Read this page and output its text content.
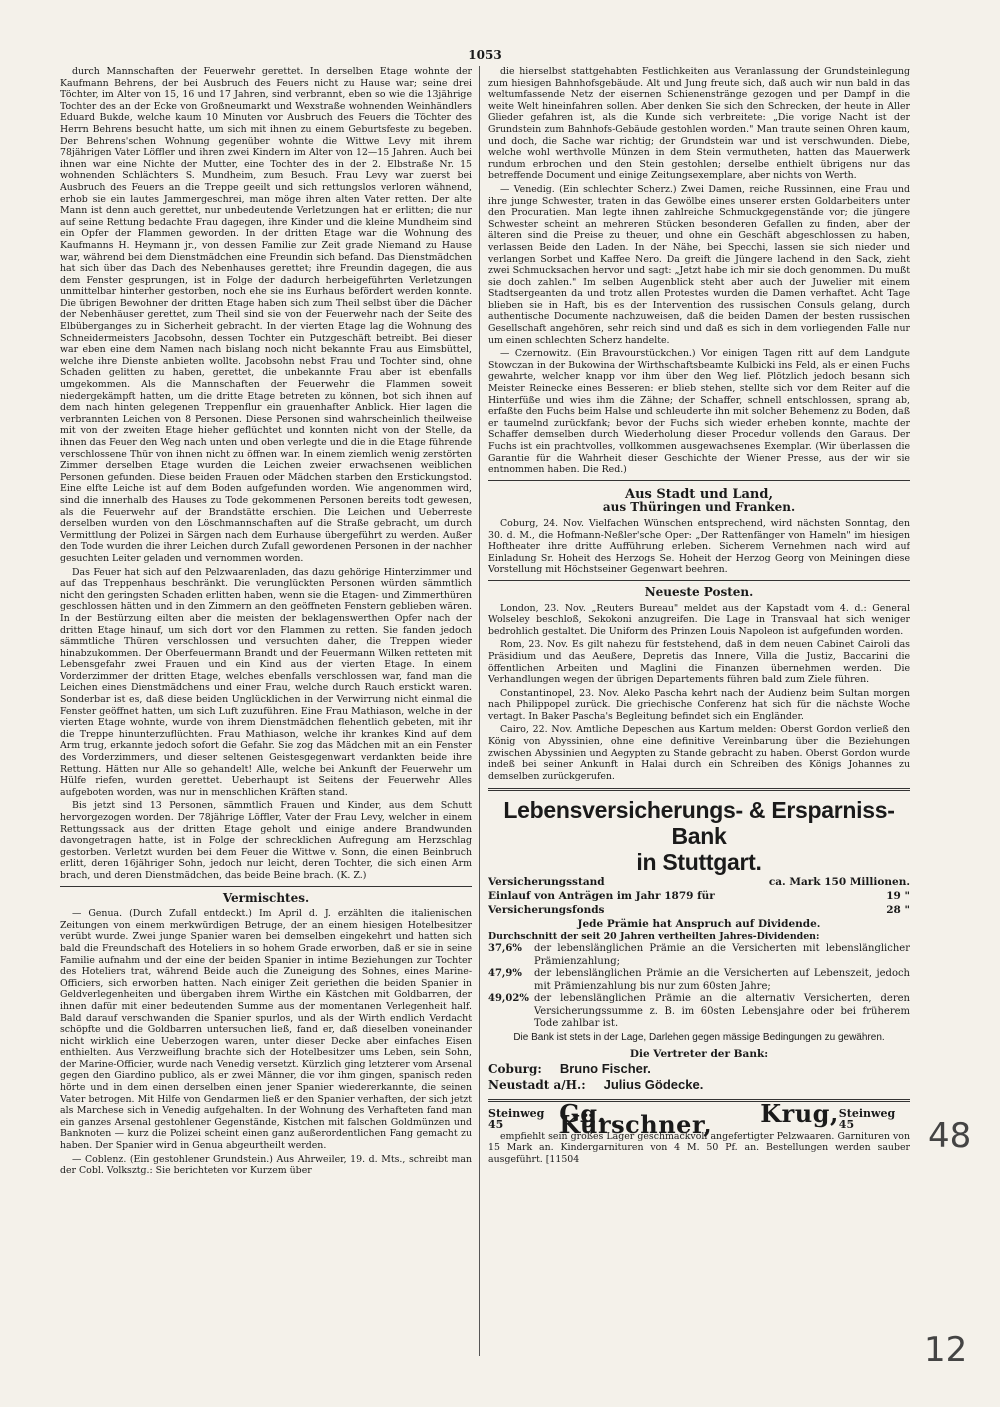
1053

durch Mannschaften der Feuerwehr gerettet. In derselben Etage wohnte der Kaufmann Behrens, der bei Ausbruch des Feuers nicht zu Hause war; seine drei Töchter, im Alter von 15, 16 und 17 Jahren, sind verbrannt, eben so wie die 13jährige Tochter des an der Ecke von Großneumarkt und Wexstraße wohnenden Weinhändlers Eduard Bukde, welche kaum 10 Minuten vor Ausbruch des Feuers die Töchter des Herrn Behrens besucht hatte, um sich mit ihnen zu einem Geburtsfeste zu begeben. Der Behrens'schen Wohnung gegenüber wohnte die Wittwe Levy mit ihrem 78jährigen Vater Löffler und ihren zwei Kindern im Alter von 12—15 Jahren. Auch bei ihnen war eine Nichte der Mutter, eine Tochter des in der 2. Elbstraße Nr. 15 wohnenden Schlächters S. Mundheim, zum Besuch. Frau Levy war zuerst bei Ausbruch des Feuers an die Treppe geeilt und sich rettungslos verloren wähnend, erhob sie ein lautes Jammergeschrei, man möge ihren alten Vater retten. Der alte Mann ist denn auch gerettet, nur unbedeutende Verletzungen hat er erlitten; die nur auf seine Rettung bedachte Frau dagegen, ihre Kinder und die kleine Mundheim sind ein Opfer der Flammen geworden. In der dritten Etage war die Wohnung des Kaufmanns H. Heymann jr., von dessen Familie zur Zeit grade Niemand zu Hause war, während bei dem Dienstmädchen eine Freundin sich befand. Das Dienstmädchen hat sich über das Dach des Nebenhauses gerettet; ihre Freundin dagegen, die aus dem Fenster gesprungen, ist in Folge der dadurch herbeigeführten Verletzungen unmittelbar hinterher gestorben, noch ehe sie ins Eurhaus befördert werden konnte. Die übrigen Bewohner der dritten Etage haben sich zum Theil selbst über die Dächer der Nebenhäuser gerettet, zum Theil sind sie von der Feuerwehr nach der Seite des Elbüberganges zu in Sicherheit gebracht. In der vierten Etage lag die Wohnung des Schneidermeisters Jacobsohn, dessen Tochter ein Putzgeschäft betreibt. Bei dieser war eben eine dem Namen nach bislang noch nicht bekannte Frau aus Eimsbüttel, welche ihre Dienste anbieten wollte. Jacobsohn nebst Frau und Tochter sind, ohne Schaden gelitten zu haben, gerettet, die unbekannte Frau aber ist ebenfalls umgekommen. Als die Mannschaften der Feuerwehr die Flammen soweit niedergekämpft hatten, um die dritte Etage betreten zu können, bot sich ihnen auf dem nach hinten gelegenen Treppenflur ein grauenhafter Anblick. Hier lagen die verbrannten Leichen von 8 Personen. Diese Personen sind wahrscheinlich theilweise mit von der zweiten Etage hieher geflüchtet und konnten nicht von der Stelle, da ihnen das Feuer den Weg nach unten und oben verlegte und die in die Etage führende verschlossene Thür von ihnen nicht zu öffnen war. In einem ziemlich wenig zerstörten Zimmer derselben Etage wurden die Leichen zweier erwachsenen weiblichen Personen gefunden. Diese beiden Frauen oder Mädchen starben den Erstickungstod. Eine elfte Leiche ist auf dem Boden aufgefunden worden. Wie angenommen wird, sind die innerhalb des Hauses zu Tode gekommenen Personen bereits todt gewesen, als die Feuerwehr auf der Brandstätte erschien. Die Leichen und Ueberreste derselben wurden von den Löschmannschaften auf die Straße gebracht, um durch Vermittlung der Polizei in Särgen nach dem Eurhause übergeführt zu werden. Außer den Tode wurden die ihrer Leichen durch Zufall gewordenen Personen in der nachher gesuchten Leiter geladen und vernommen worden.

Das Feuer hat sich auf den Pelzwaarenladen, das dazu gehörige Hinterzimmer und auf das Treppenhaus beschränkt. Die verunglückten Personen würden sämmtlich nicht den geringsten Schaden erlitten haben, wenn sie die Etagen- und Zimmerthüren geschlossen hätten und in den Zimmern an den geöffneten Fenstern geblieben wären. In der Bestürzung eilten aber die meisten der beklagenswerthen Opfer nach der dritten Etage hinauf, um sich dort vor den Flammen zu retten. Sie fanden jedoch sämmtliche Thüren verschlossen und versuchten daher, die Treppen wieder hinabzukommen. Der Oberfeuermann Brandt und der Feuermann Wilken retteten mit Lebensgefahr zwei Frauen und ein Kind aus der vierten Etage. In einem Vorderzimmer der dritten Etage, welches ebenfalls verschlossen war, fand man die Leichen eines Dienstmädchens und einer Frau, welche durch Rauch erstickt waren. Sonderbar ist es, daß diese beiden Unglücklichen in der Verwirrung nicht einmal die Fenster geöffnet hatten, um sich Luft zuzuführen. Eine Frau Mathiason, welche in der vierten Etage wohnte, wurde von ihrem Dienstmädchen flehentlich gebeten, mit ihr die Treppe hinunterzuflüchten. Frau Mathiason, welche ihr krankes Kind auf dem Arm trug, erkannte jedoch sofort die Gefahr. Sie zog das Mädchen mit an ein Fenster des Vorderzimmers, und dieser seltenen Geistesgegenwart verdankten beide ihre Rettung. Hätten nur Alle so gehandelt! Alle, welche bei Ankunft der Feuerwehr um Hülfe riefen, wurden gerettet. Ueberhaupt ist Seitens der Feuerwehr Alles aufgeboten worden, was nur in menschlichen Kräften stand.

Bis jetzt sind 13 Personen, sämmtlich Frauen und Kinder, aus dem Schutt hervorgezogen worden. Der 78jährige Löffler, Vater der Frau Levy, welcher in einem Rettungssack aus der dritten Etage geholt und einige andere Brandwunden davongetragen hatte, ist in Folge der schrecklichen Aufregung am Herzschlag gestorben. Verletzt wurden bei dem Feuer die Wittwe v. Sonn, die einen Beinbruch erlitt, deren 16jähriger Sohn, jedoch nur leicht, deren Tochter, die sich einen Arm brach, und deren Dienstmädchen, das beide Beine brach. (K. Z.)

Vermischtes.

— Genua. (Durch Zufall entdeckt.) Im April d. J. erzählten die italienischen Zeitungen von einem merkwürdigen Betruge, der an einem hiesigen Hotelbesitzer verübt wurde. Zwei junge Spanier waren bei demselben eingekehrt und hatten sich bald die Freundschaft des Hoteliers in so hohem Grade erworben, daß er sie in seine Familie aufnahm und der eine der beiden Spanier in intime Beziehungen zur Tochter des Hoteliers trat, während Beide auch die Zuneigung des Sohnes, eines Marine-Officiers, sich erworben hatten. Nach einiger Zeit geriethen die beiden Spanier in Geldverlegenheiten und übergaben ihrem Wirthe ein Kästchen mit Goldbarren, der ihnen dafür mit einer bedeutenden Summe aus der momentanen Verlegenheit half. Bald darauf verschwanden die Spanier spurlos, und als der Wirth endlich Verdacht schöpfte und die Goldbarren untersuchen ließ, fand er, daß dieselben voneinander nicht wirklich eine Ueberzogen waren, unter dieser Decke aber einfaches Eisen enthielten. Aus Verzweiflung brachte sich der Hotelbesitzer ums Leben, sein Sohn, der Marine-Officier, wurde nach Venedig versetzt. Kürzlich ging letzterer vom Arsenal gegen den Giardino publico, als er zwei Männer, die vor ihm gingen, spanisch reden hörte und in dem einen derselben einen jener Spanier wiedererkannte, die seinen Vater betrogen. Mit Hilfe von Gendarmen ließ er den Spanier verhaften, der sich jetzt als Marchese sich in Venedig aufgehalten. In der Wohnung des Verhafteten fand man ein ganzes Arsenal gestohlener Gegenstände, Kistchen mit falschen Goldmünzen und Banknoten — kurz die Polizei scheint einen ganz außerordentlichen Fang gemacht zu haben. Der Spanier wird in Genua abgeurtheilt werden.

— Coblenz. (Ein gestohlener Grundstein.) Aus Ahrweiler, 19. d. Mts., schreibt man der Cobl. Volksztg.: Sie berichteten vor Kurzem über

die hierselbst stattgehabten Festlichkeiten aus Veranlassung der Grundsteinlegung zum hiesigen Bahnhofsgebäude. Alt und Jung freute sich, daß auch wir nun bald in das weltumfassende Netz der eisernen Schienenstränge gezogen und per Dampf in die weite Welt hineinfahren sollen. Aber denken Sie sich den Schrecken, der heute in Aller Glieder gefahren ist, als die Kunde sich verbreitete: „Die vorige Nacht ist der Grundstein zum Bahnhofs-Gebäude gestohlen worden." Man traute seinen Ohren kaum, und doch, die Sache war richtig; der Grundstein war und ist verschwunden. Diebe, welche wohl werthvolle Münzen in dem Stein vermutheten, hatten das Mauerwerk rundum erbrochen und den Stein gestohlen; derselbe enthielt übrigens nur das betreffende Document und einige Zeitungsexemplare, aber nichts von Werth.

— Venedig. (Ein schlechter Scherz.) Zwei Damen, reiche Russinnen, eine Frau und ihre junge Schwester, traten in das Gewölbe eines unserer ersten Goldarbeiters unter den Procuratien. Man legte ihnen zahlreiche Schmuckgegenstände vor; die jüngere Schwester scheint an mehreren Stücken besonderen Gefallen zu finden, aber der älteren sind die Preise zu theuer, und ohne ein Geschäft abgeschlossen zu haben, verlassen Beide den Laden. In der Nähe, bei Specchi, lassen sie sich nieder und verlangen Sorbet und Kaffee Nero. Da greift die Jüngere lachend in den Sack, zieht zwei Schmucksachen hervor und sagt: „Jetzt habe ich mir sie doch genommen. Du mußt sie doch zahlen." Im selben Augenblick steht aber auch der Juwelier mit einem Stadtsergeanten da und trotz allen Protestes wurden die Damen verhaftet. Acht Tage blieben sie in Haft, bis es der Intervention des russischen Consuls gelang, durch authentische Documente nachzuweisen, daß die beiden Damen der besten russischen Gesellschaft angehören, sehr reich sind und daß es sich in dem vorliegenden Falle nur um einen schlechten Scherz handelte.

— Czernowitz. (Ein Bravourstückchen.) Vor einigen Tagen ritt auf dem Landgute Stowczan in der Bukowina der Wirthschaftsbeamte Kulbicki ins Feld, als er einen Fuchs gewahrte, welcher knapp vor ihm über den Weg lief. Plötzlich jedoch besann sich Meister Reinecke eines Besseren: er blieb stehen, stellte sich vor dem Reiter auf die Hinterfüße und wies ihm die Zähne; der Schaffer, schnell entschlossen, sprang ab, erfaßte den Fuchs beim Halse und schleuderte ihn mit solcher Behemenz zu Boden, daß er taumelnd zurückfank; bevor der Fuchs sich wieder erheben konnte, machte der Schaffer demselben durch Wiederholung dieser Procedur vollends den Garaus. Der Fuchs ist ein prachtvolles, vollkommen ausgewachsenes Exemplar. (Wir überlassen die Garantie für die Wahrheit dieser Geschichte der Wiener Presse, aus der wir sie entnommen haben. Die Red.)

Aus Stadt und Land,
aus Thüringen und Franken.

Coburg, 24. Nov. Vielfachen Wünschen entsprechend, wird nächsten Sonntag, den 30. d. M., die Hofmann-Neßler'sche Oper: „Der Rattenfänger von Hameln" im hiesigen Hoftheater ihre dritte Aufführung erleben. Sicherem Vernehmen nach wird auf Einladung Sr. Hoheit des Herzogs Se. Hoheit der Herzog Georg von Meiningen diese Vorstellung mit Höchstseiner Gegenwart beehren.

Neueste Posten.

London, 23. Nov. „Reuters Bureau" meldet aus der Kapstadt vom 4. d.: General Wolseley beschloß, Sekokoni anzugreifen. Die Lage in Transvaal hat sich weniger bedrohlich gestaltet. Die Uniform des Prinzen Louis Napoleon ist aufgefunden worden.

Rom, 23. Nov. Es gilt nahezu für feststehend, daß in dem neuen Cabinet Cairoli das Präsidium und das Aeußere, Depretis das Innere, Villa die Justiz, Baccarini die öffentlichen Arbeiten und Maglini die Finanzen übernehmen werden. Die Verhandlungen wegen der übrigen Departements führen bald zum Ziele führen.

Constantinopel, 23. Nov. Aleko Pascha kehrt nach der Audienz beim Sultan morgen nach Philippopel zurück. Die griechische Conferenz hat sich für die nächste Woche vertagt. In Baker Pascha's Begleitung befindet sich ein Engländer.

Cairo, 22. Nov. Amtliche Depeschen aus Kartum melden: Oberst Gordon verließ den König von Abyssinien, ohne eine definitive Vereinbarung über die Beziehungen zwischen Abyssinien und Aegypten zu Stande gebracht zu haben. Oberst Gordon wurde indeß bei seiner Ankunft in Halai durch ein Schreiben des Königs Johannes zu demselben zurückgerufen.

Lebensversicherungs- & Ersparniss-Bank
in Stuttgart.
Versicherungsstand	ca. Mark 150 Millionen.
Einlauf von Anträgen im Jahr 1879 für	19 "
Versicherungsfonds	28 "
Jede Prämie hat Anspruch auf Dividende.
Durchschnitt der seit 20 Jahren vertheilten Jahres-Dividenden:
37,6%	der lebenslänglichen Prämie an die Versicherten mit lebenslänglicher Prämienzahlung;
47,9%	der lebenslänglichen Prämie an die Versicherten auf Lebenszeit, jedoch mit Prämienzahlung bis nur zum 60sten Jahre;
49,02% der lebenslänglichen Prämie an die alternativ Versicherten, deren Versicherungssumme z. B. im 60sten Lebensjahre oder bei früherem Tode zahlbar ist.
Die Bank ist stets in der Lage, Darlehen gegen mässige Bedingungen zu gewähren.
Die Vertreter der Bank:
Coburg: Bruno Fischer.
Neustadt a/H.: Julius Gödecke.
Steinweg 45	Gg. Krug, Kürschner,	Steinweg 45

empfiehlt sein großes Lager geschmackvoll angefertigter Pelzwaaren. Garnituren von 15 Mark an. Kindergarnituren von 4 M. 50 Pf. an. Bestellungen werden sauber ausgeführt. [11504

48
12
